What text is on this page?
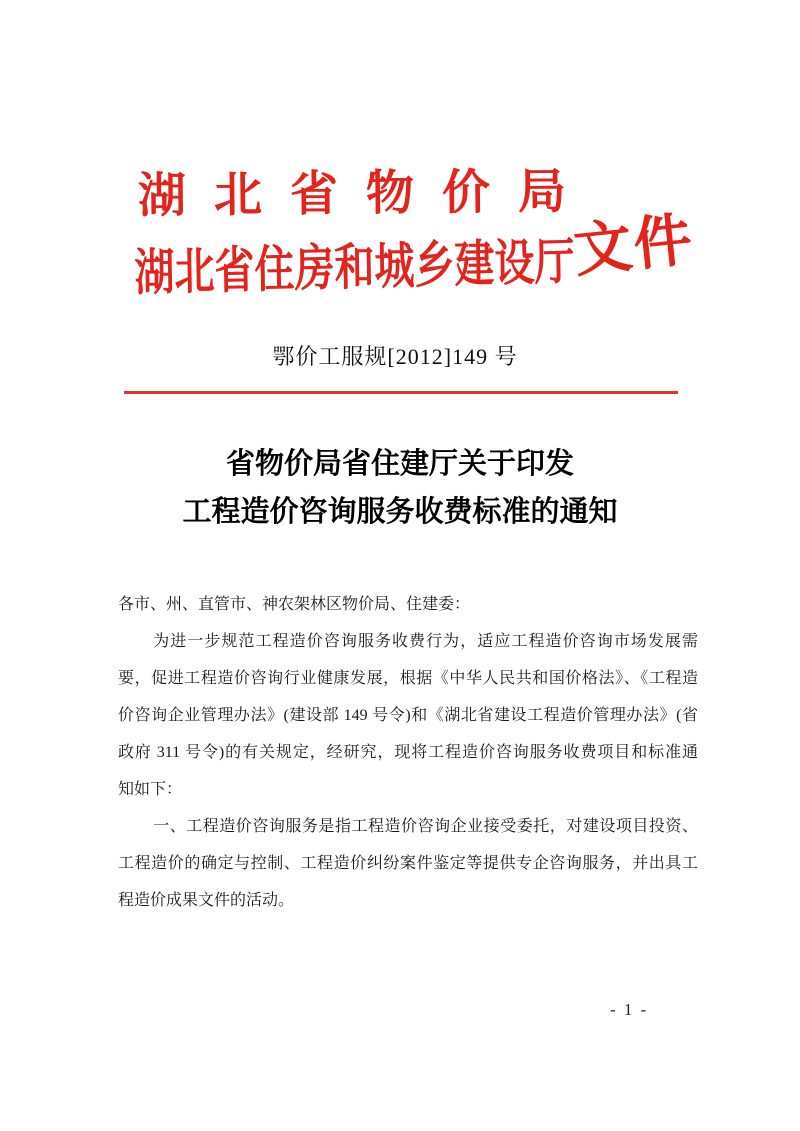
湖北省物价局
湖北省住房和城乡建设厅
文件
鄂价工服规[2012]149 号
省物价局省住建厅关于印发
工程造价咨询服务收费标准的通知
各市、州、直管市、神农架林区物价局、住建委：
为进一步规范工程造价咨询服务收费行为，适应工程造价咨询市场发展需
要，促进工程造价咨询行业健康发展，根据《中华人民共和国价格法》、《工程造
价咨询企业管理办法》(建设部 149 号令)和《湖北省建设工程造价管理办法》(省
政府 311 号令)的有关规定，经研究，现将工程造价咨询服务收费项目和标准通
知如下：
一、工程造价咨询服务是指工程造价咨询企业接受委托，对建设项目投资、
工程造价的确定与控制、工程造价纠纷案件鉴定等提供专企咨询服务，并出具工
程造价成果文件的活动。
- 1 -
